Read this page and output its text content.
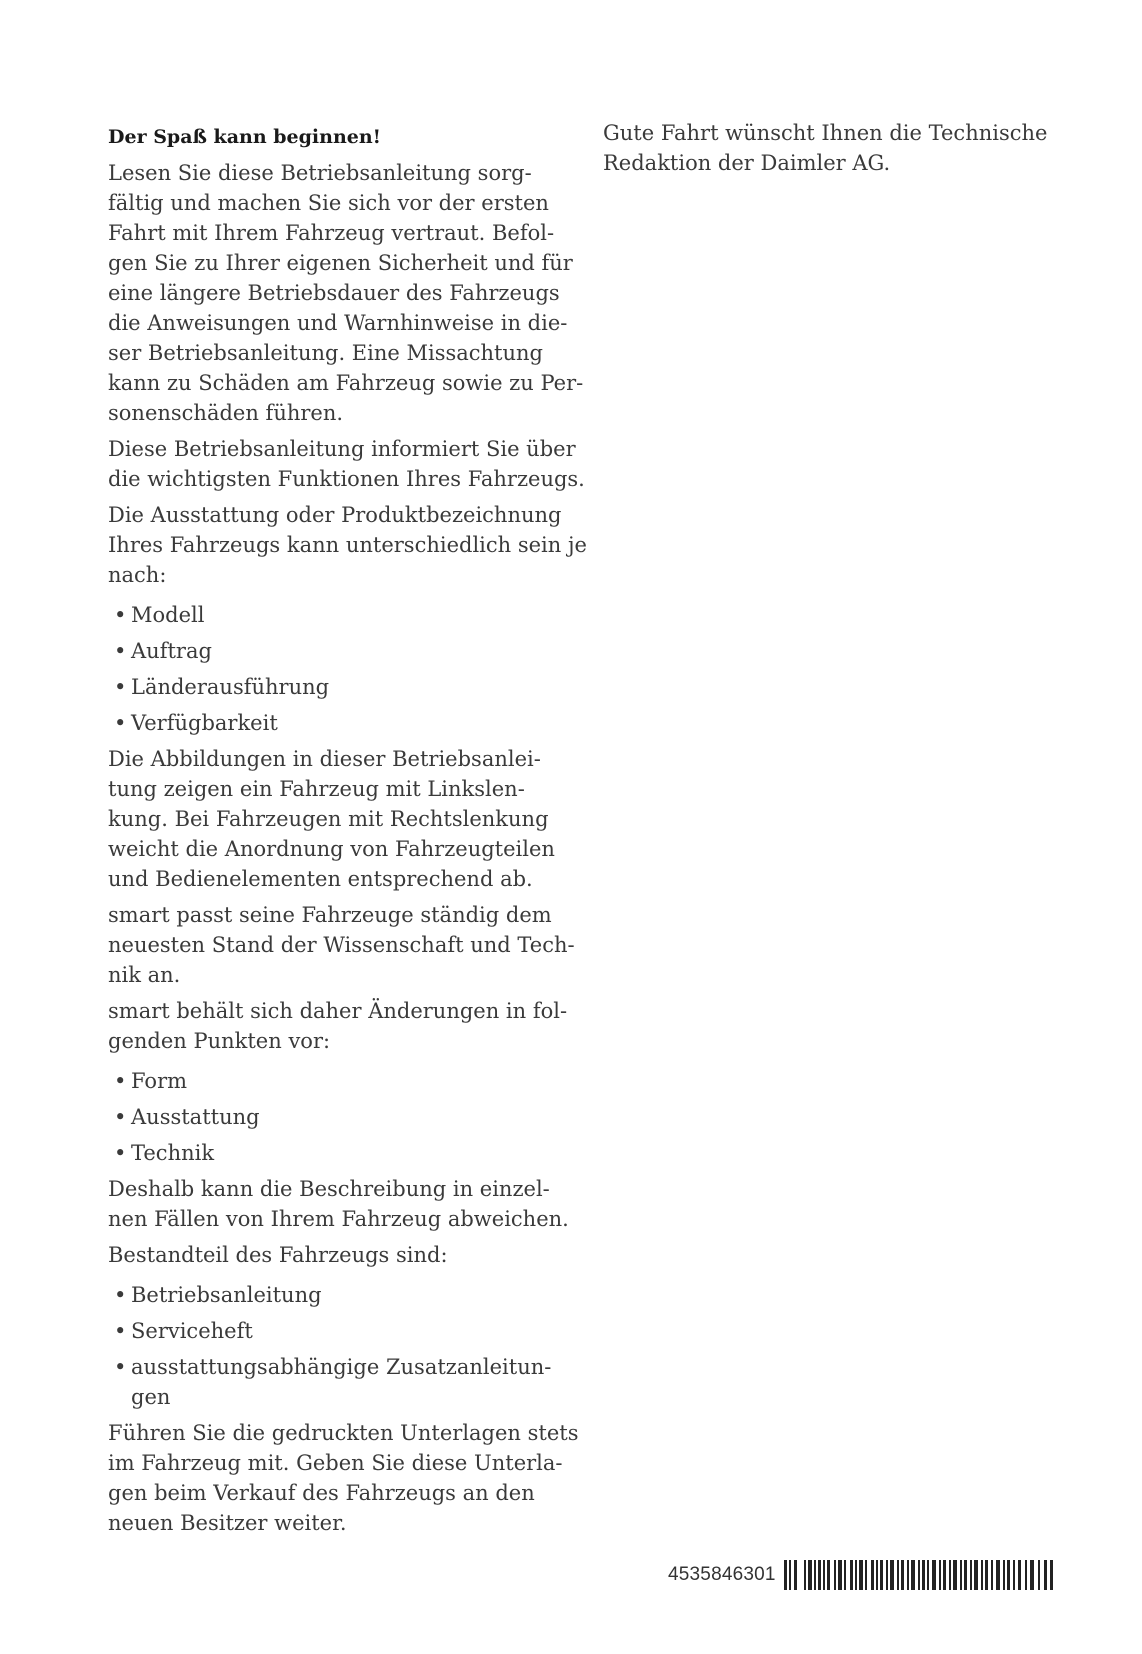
Der Spaß kann beginnen!

Lesen Sie diese Betriebsanleitung sorg- fältig und machen Sie sich vor der ersten Fahrt mit Ihrem Fahrzeug vertraut. Befol- gen Sie zu Ihrer eigenen Sicherheit und für eine längere Betriebsdauer des Fahrzeugs die Anweisungen und Warnhinweise in die- ser Betriebsanleitung. Eine Missachtung kann zu Schäden am Fahrzeug sowie zu Per- sonenschäden führen.

Diese Betriebsanleitung informiert Sie über die wichtigsten Funktionen Ihres Fahrzeugs.

Die Ausstattung oder Produktbezeichnung Ihres Fahrzeugs kann unterschiedlich sein je nach:

• Modell
• Auftrag
• Länderausführung
• Verfügbarkeit

Die Abbildungen in dieser Betriebsanlei- tung zeigen ein Fahrzeug mit Linkslen- kung. Bei Fahrzeugen mit Rechtslenkung weicht die Anordnung von Fahrzeugteilen und Bedienelementen entsprechend ab.

smart passt seine Fahrzeuge ständig dem neuesten Stand der Wissenschaft und Tech- nik an.

smart behält sich daher Änderungen in fol- genden Punkten vor:

• Form
• Ausstattung
• Technik

Deshalb kann die Beschreibung in einzel- nen Fällen von Ihrem Fahrzeug abweichen.

Bestandteil des Fahrzeugs sind:

• Betriebsanleitung
• Serviceheft
• ausstattungsabhängige Zusatzanleitun- gen

Führen Sie die gedruckten Unterlagen stets im Fahrzeug mit. Geben Sie diese Unterla- gen beim Verkauf des Fahrzeugs an den neuen Besitzer weiter.

Gute Fahrt wünscht Ihnen die Technische Redaktion der Daimler AG.

4535846301
